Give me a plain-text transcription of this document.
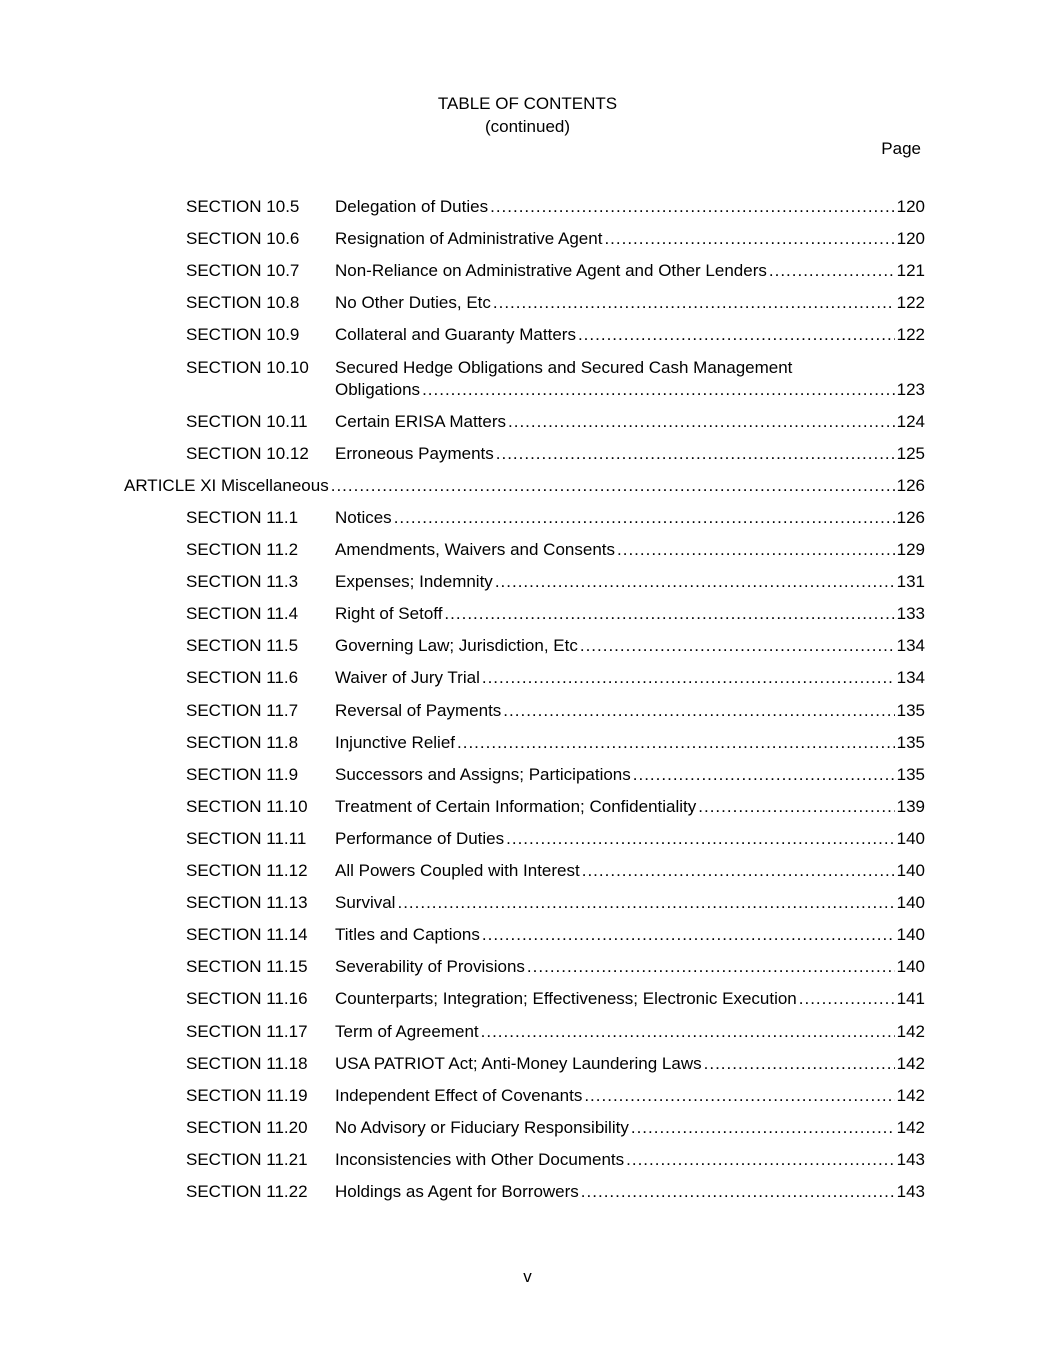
TABLE OF CONTENTS
(continued)
Page
SECTION 10.5 Delegation of Duties .....	120
SECTION 10.6 Resignation of Administrative Agent .....	120
SECTION 10.7 Non-Reliance on Administrative Agent and Other Lenders .....	121
SECTION 10.8 No Other Duties, Etc .....	122
SECTION 10.9 Collateral and Guaranty Matters .....	122
SECTION 10.10 Secured Hedge Obligations and Secured Cash Management
Obligations .....	123
SECTION 10.11 Certain ERISA Matters .....	124
SECTION 10.12 Erroneous Payments .....	125
ARTICLE XI Miscellaneous .....	126
SECTION 11.1 Notices .....	126
SECTION 11.2 Amendments, Waivers and Consents .....	129
SECTION 11.3 Expenses; Indemnity .....	131
SECTION 11.4 Right of Setoff .....	133
SECTION 11.5 Governing Law; Jurisdiction, Etc .....	134
SECTION 11.6 Waiver of Jury Trial .....	134
SECTION 11.7 Reversal of Payments .....	135
SECTION 11.8 Injunctive Relief .....	135
SECTION 11.9 Successors and Assigns; Participations .....	135
SECTION 11.10 Treatment of Certain Information; Confidentiality .....	139
SECTION 11.11 Performance of Duties .....	140
SECTION 11.12 All Powers Coupled with Interest .....	140
SECTION 11.13 Survival .....	140
SECTION 11.14 Titles and Captions .....	140
SECTION 11.15 Severability of Provisions .....	140
SECTION 11.16 Counterparts; Integration; Effectiveness; Electronic Execution .....	141
SECTION 11.17 Term of Agreement .....	142
SECTION 11.18 USA PATRIOT Act; Anti-Money Laundering Laws .....	142
SECTION 11.19 Independent Effect of Covenants .....	142
SECTION 11.20 No Advisory or Fiduciary Responsibility .....	142
SECTION 11.21 Inconsistencies with Other Documents .....	143
SECTION 11.22 Holdings as Agent for Borrowers .....	143
v
